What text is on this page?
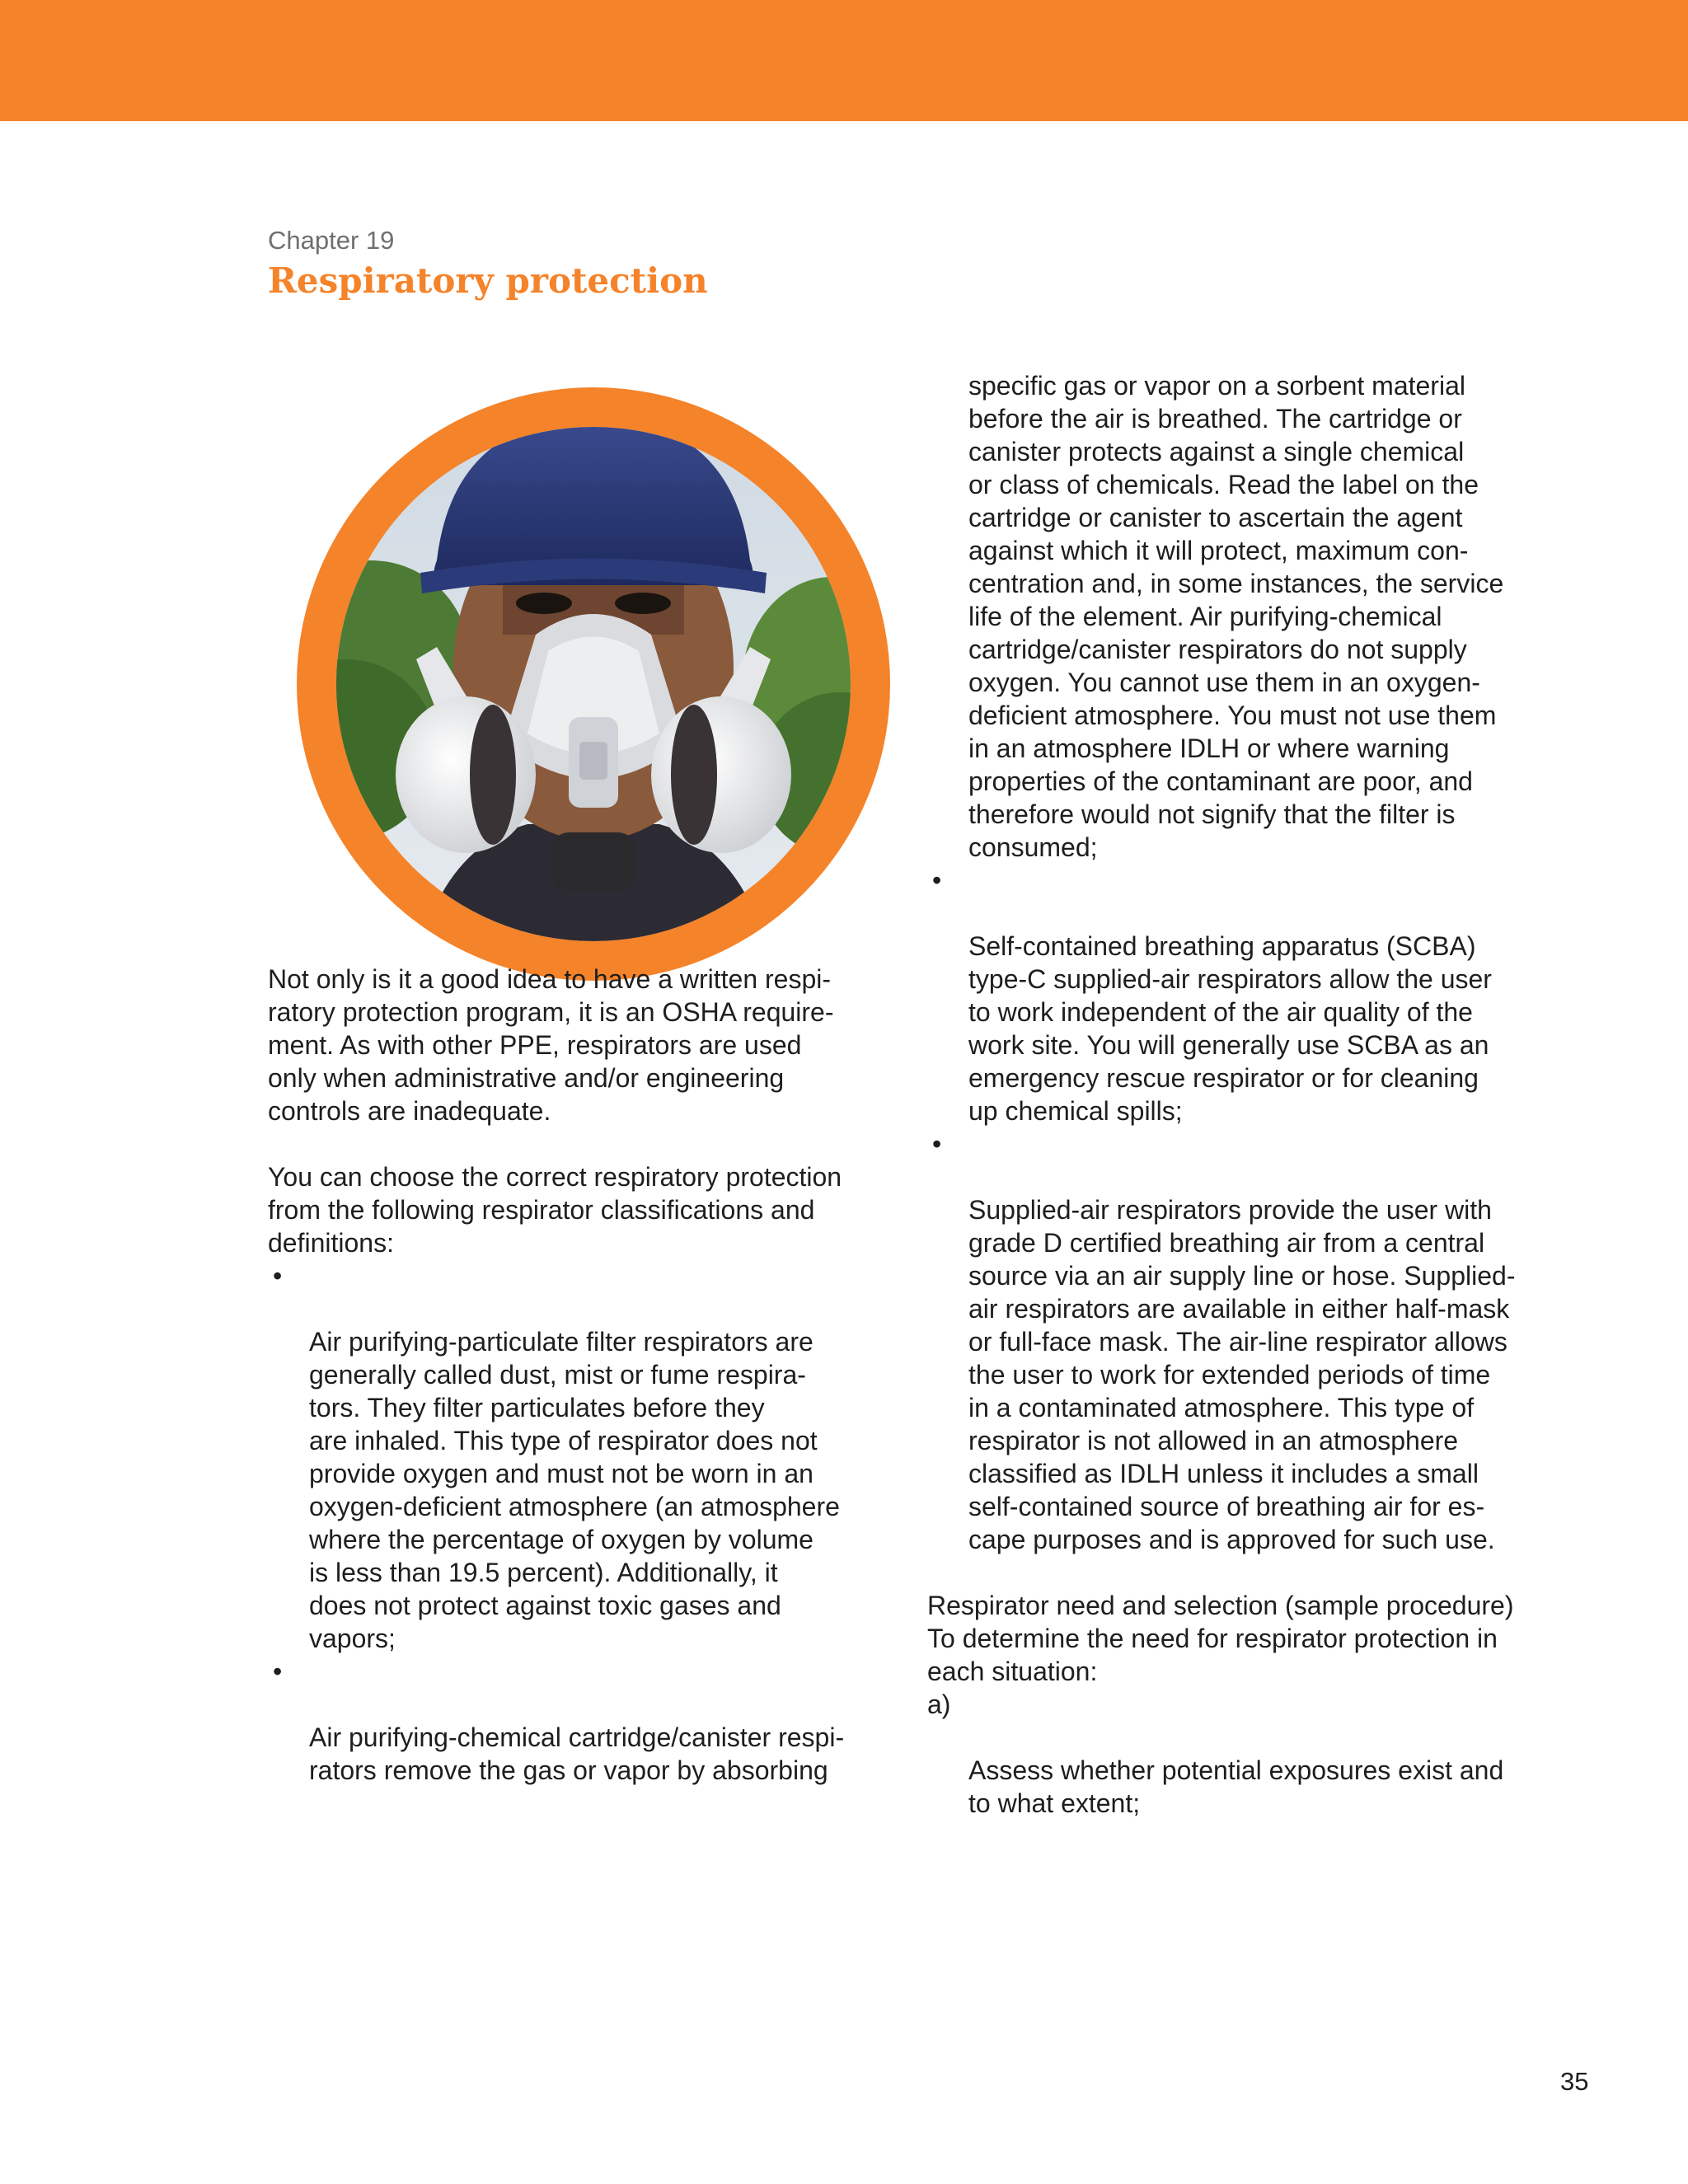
Chapter 19
Respiratory protection

Not only is it a good idea to have a written respi-
ratory protection program, it is an OSHA require-
ment. As with other PPE, respirators are used
only when administrative and/or engineering
controls are inadequate.

You can choose the correct respiratory protection
from the following respirator classifications and
definitions:

•

Air purifying-particulate filter respirators are
generally called dust, mist or fume respira-
tors. They filter particulates before they
are inhaled. This type of respirator does not
provide oxygen and must not be worn in an
oxygen-deficient atmosphere (an atmosphere
where the percentage of oxygen by volume
is less than 19.5 percent). Additionally, it
does not protect against toxic gases and
vapors;

•

Air purifying-chemical cartridge/canister respi-
rators remove the gas or vapor by absorbing

specific gas or vapor on a sorbent material
before the air is breathed. The cartridge or
canister protects against a single chemical
or class of chemicals. Read the label on the
cartridge or canister to ascertain the agent
against which it will protect, maximum con-
centration and, in some instances, the service
life of the element. Air purifying-chemical
cartridge/canister respirators do not supply
oxygen. You cannot use them in an oxygen-
deficient atmosphere. You must not use them
in an atmosphere IDLH or where warning
properties of the contaminant are poor, and
therefore would not signify that the filter is
consumed;

•

Self-contained breathing apparatus (SCBA)
type-C supplied-air respirators allow the user
to work independent of the air quality of the
work site. You will generally use SCBA as an
emergency rescue respirator or for cleaning
up chemical spills;

•

Supplied-air respirators provide the user with
grade D certified breathing air from a central
source via an air supply line or hose. Supplied-
air respirators are available in either half-mask
or full-face mask. The air-line respirator allows
the user to work for extended periods of time
in a contaminated atmosphere. This type of
respirator is not allowed in an atmosphere
classified as IDLH unless it includes a small
self-contained source of breathing air for es-
cape purposes and is approved for such use.

Respirator need and selection (sample procedure)
To determine the need for respirator protection in
each situation:

a)

Assess whether potential exposures exist and
to what extent;

35
